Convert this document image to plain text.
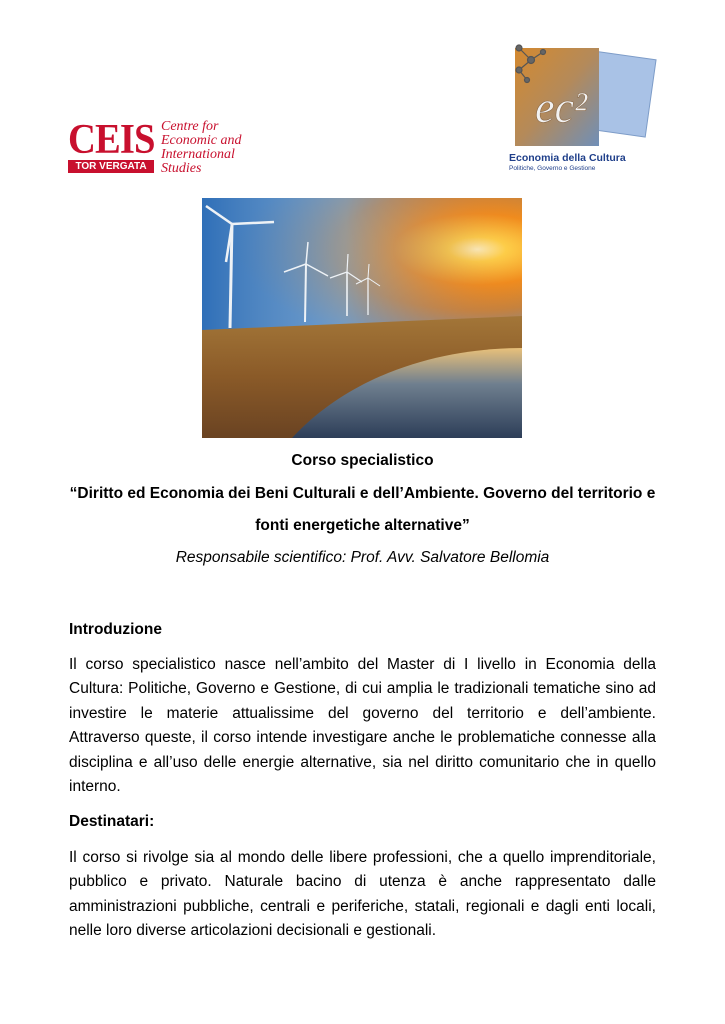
CEIS
TOR VERGATA
Centre for
Economic and
International
Studies
ec²
Economia della Cultura
Politiche, Governo e Gestione
Corso specialistico
“Diritto ed Economia dei Beni Culturali e dell’Ambiente. Governo del territorio e
fonti energetiche alternative”
Responsabile scientifico: Prof. Avv. Salvatore Bellomia
Introduzione
Il corso specialistico nasce nell’ambito del Master di I livello in Economia della
Cultura: Politiche, Governo e Gestione, di cui amplia le tradizionali tematiche sino ad
investire le materie attualissime del governo del territorio e dell’ambiente.
Attraverso queste, il corso intende investigare anche le problematiche connesse alla
disciplina e all’uso delle energie alternative, sia nel diritto comunitario che in quello
interno.
Destinatari:
Il corso si rivolge sia al mondo delle libere professioni, che a quello imprenditoriale,
pubblico e privato. Naturale bacino di utenza è anche rappresentato dalle
amministrazioni pubbliche, centrali e periferiche, statali, regionali e dagli enti locali,
nelle loro diverse articolazioni decisionali e gestionali.
